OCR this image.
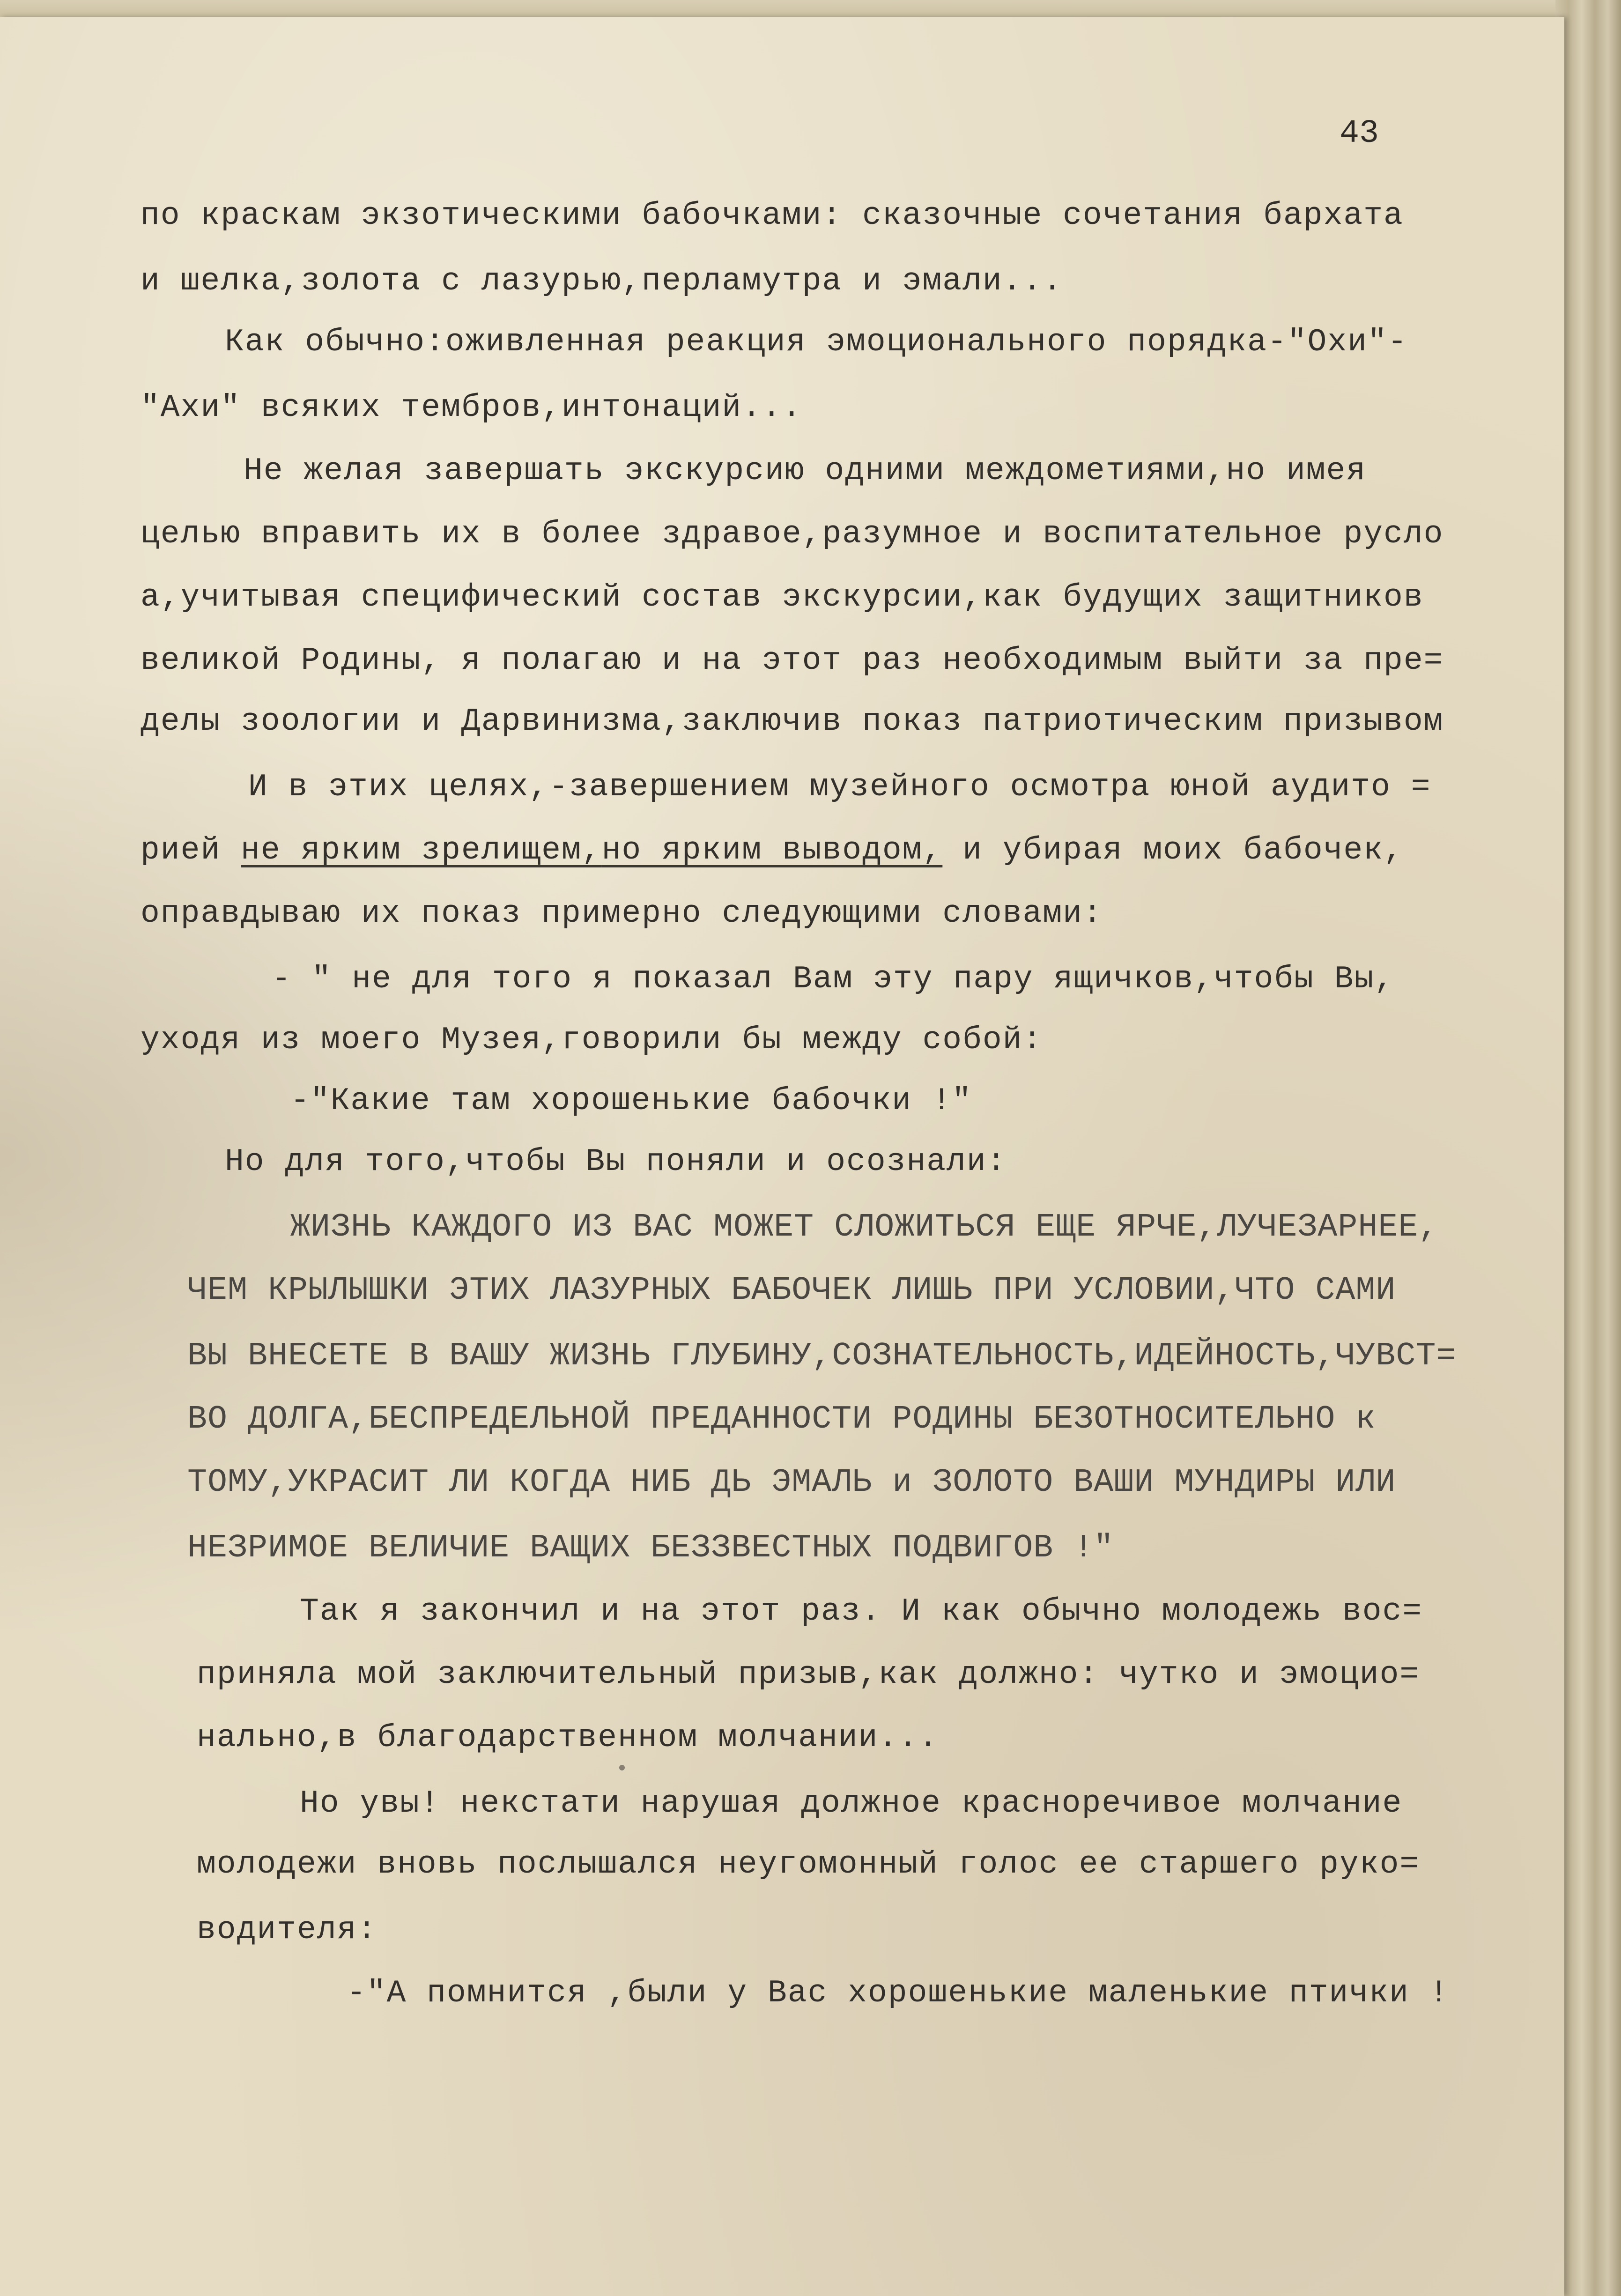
43

по краскам экзотическими бабочками: сказочные сочетания бархата

и шелка,золота с лазурью,перламутра и эмали...

Как обычно:оживленная реакция эмоционального порядка-"Охи"-

"Ахи" всяких тембров,интонаций...

Не желая завершать экскурсию одними междометиями,но имея

целью вправить их в более здравое,разумное и воспитательное русло

а,учитывая специфический состав экскурсии,как будущих защитников

великой Родины, я полагаю и на этот раз необходимым выйти за пре=

делы зоологии и Дарвинизма,заключив показ патриотическим призывом

И в этих целях,-завершением музейного осмотра юной аудито =

рией не ярким зрелищем,но ярким выводом, и убирая моих бабочек,

оправдываю их показ примерно следующими словами:

- " не для того я показал Вам эту пару ящичков,чтобы Вы,

уходя из моего Музея,говорили бы между собой:

-"Какие там хорошенькие бабочки !"

Но для того,чтобы Вы поняли и осознали:

ЖИЗНЬ КАЖДОГО ИЗ ВАС МОЖЕТ СЛОЖИТЬСЯ ЕЩЕ ЯРЧЕ,ЛУЧЕЗАРНЕЕ,

ЧЕМ КРЫЛЫШКИ ЭТИХ ЛАЗУРНЫХ БАБОЧЕК ЛИШЬ ПРИ УСЛОВИИ,ЧТО САМИ

ВЫ ВНЕСЕТЕ В ВАШУ ЖИЗНЬ ГЛУБИНУ,СОЗНАТЕЛЬНОСТЬ,ИДЕЙНОСТЬ,ЧУВСТ=

ВО ДОЛГА,БЕСПРЕДЕЛЬНОЙ ПРЕДАННОСТИ РОДИНЫ БЕЗОТНОСИТЕЛЬНО к

ТОМУ,УКРАСИТ ЛИ КОГДА НИБ ДЬ ЭМАЛЬ и ЗОЛОТО ВАШИ МУНДИРЫ ИЛИ

НЕЗРИМОЕ ВЕЛИЧИЕ ВАЩИХ БЕЗЗВЕСТНЫХ ПОДВИГОВ !"

Так я закончил и на этот раз. И как обычно молодежь вос=

приняла мой заключительный призыв,как должно: чутко и эмоцио=

нально,в благодарственном молчании...

Но увы! некстати нарушая должное красноречивое молчание

молодежи вновь послышался неугомонный голос ее старшего руко=

водителя:

-"А помнится ,были у Вас хорошенькие маленькие птички !
